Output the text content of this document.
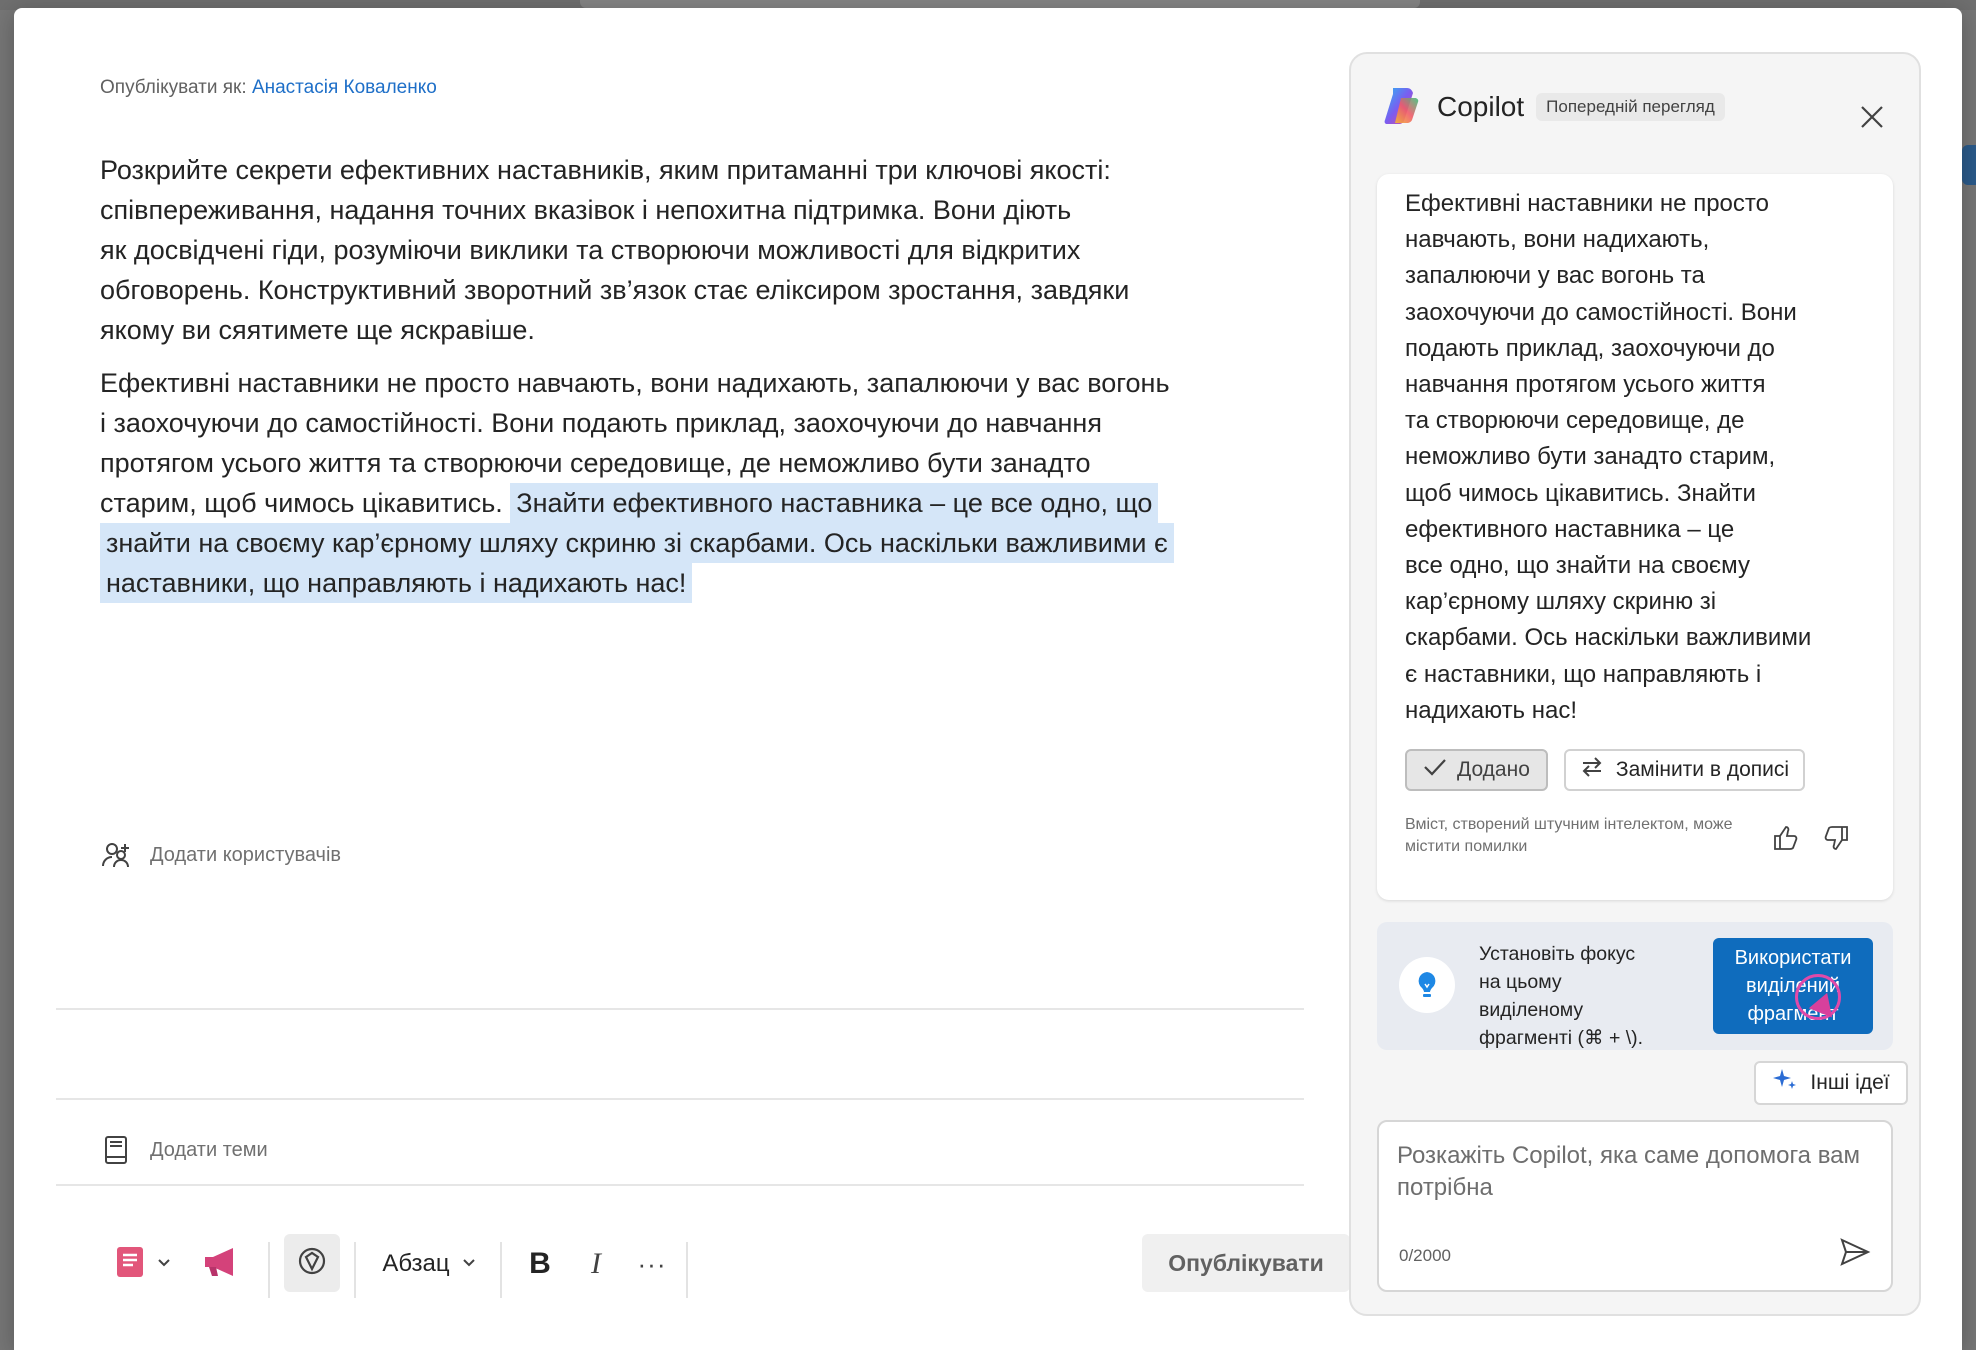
Опублікувати як: Анастасія Коваленко

Розкрийте секрети ефективних наставників, яким притаманні три ключові якості:
співпереживання, надання точних вказівок і непохитна підтримка. Вони діють
як досвідчені гіди, розуміючи виклики та створюючи можливості для відкритих
обговорень. Конструктивний зворотний зв’язок стає еліксиром зростання, завдяки
якому ви сяятимете ще яскравіше.

Ефективні наставники не просто навчають, вони надихають, запалюючи у вас вогонь
і заохочуючи до самостійності. Вони подають приклад, заохочуючи до навчання
протягом усього життя та створюючи середовище, де неможливо бути занадто
старим, щоб чимось цікавитись. Знайти ефективного наставника – це все одно, що
знайти на своєму кар’єрному шляху скриню зі скарбами. Ось наскільки важливими є
наставники, що направляють і надихають нас!

Додати користувачів
Додати теми
Абзац	B I ···	Опублікувати
Copilot	Попередній перегляд
Ефективні наставники не просто
навчають, вони надихають,
запалюючи у вас вогонь та
заохочуючи до самостійності. Вони
подають приклад, заохочуючи до
навчання протягом усього життя
та створюючи середовище, де
неможливо бути занадто старим,
щоб чимось цікавитись. Знайти
ефективного наставника – це
все одно, що знайти на своєму
кар’єрному шляху скриню зі
скарбами. Ось наскільки важливими
є наставники, що направляють і
надихають нас!
Додано	Замінити в дописі
Вміст, створений штучним інтелектом, може містити помилки
Установіть фокус на цьому виділеному фрагменті (⌘ + \).
Використати виділений фрагмент
Інші ідеї
Розкажіть Copilot, яка саме допомога вам потрібна
0/2000
